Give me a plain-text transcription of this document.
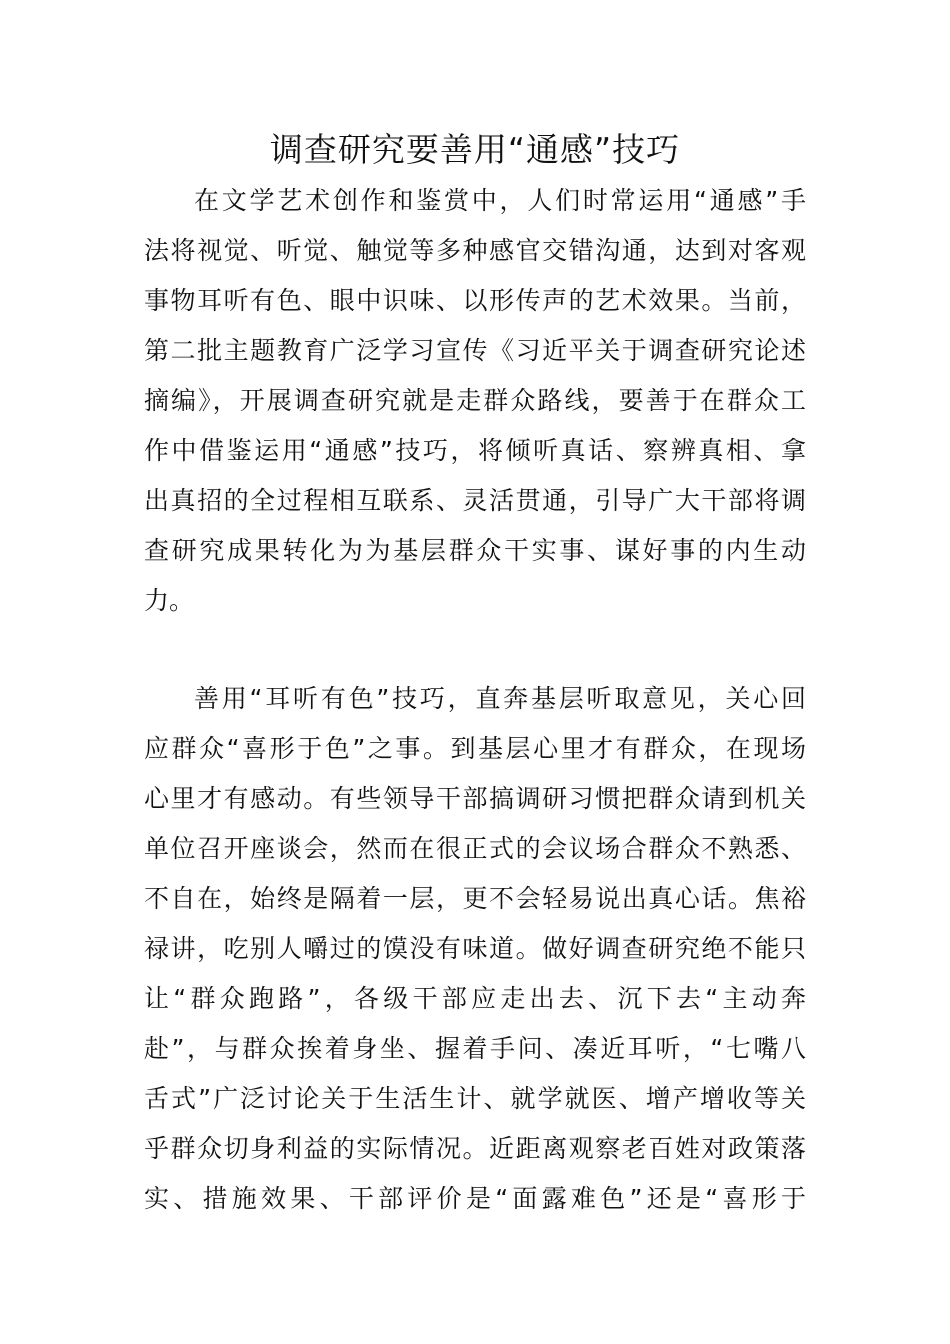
调查研究要善用“通感”技巧
在文学艺术创作和鉴赏中，人们时常运用“通感”手
法将视觉、听觉、触觉等多种感官交错沟通，达到对客观
事物耳听有色、眼中识味、以形传声的艺术效果。当前，
第二批主题教育广泛学习宣传《习近平关于调查研究论述
摘编》，开展调查研究就是走群众路线，要善于在群众工
作中借鉴运用“通感”技巧，将倾听真话、察辨真相、拿
出真招的全过程相互联系、灵活贯通，引导广大干部将调
查研究成果转化为为基层群众干实事、谋好事的内生动
力。
善用“耳听有色”技巧，直奔基层听取意见，关心回
应群众“喜形于色”之事。到基层心里才有群众，在现场
心里才有感动。有些领导干部搞调研习惯把群众请到机关
单位召开座谈会，然而在很正式的会议场合群众不熟悉、
不自在，始终是隔着一层，更不会轻易说出真心话。焦裕
禄讲，吃别人嚼过的馍没有味道。做好调查研究绝不能只
让“群众跑路”，各级干部应走出去、沉下去“主动奔
赴”，与群众挨着身坐、握着手问、凑近耳听，“七嘴八
舌式”广泛讨论关于生活生计、就学就医、增产增收等关
乎群众切身利益的实际情况。近距离观察老百姓对政策落
实、措施效果、干部评价是“面露难色”还是“喜形于
